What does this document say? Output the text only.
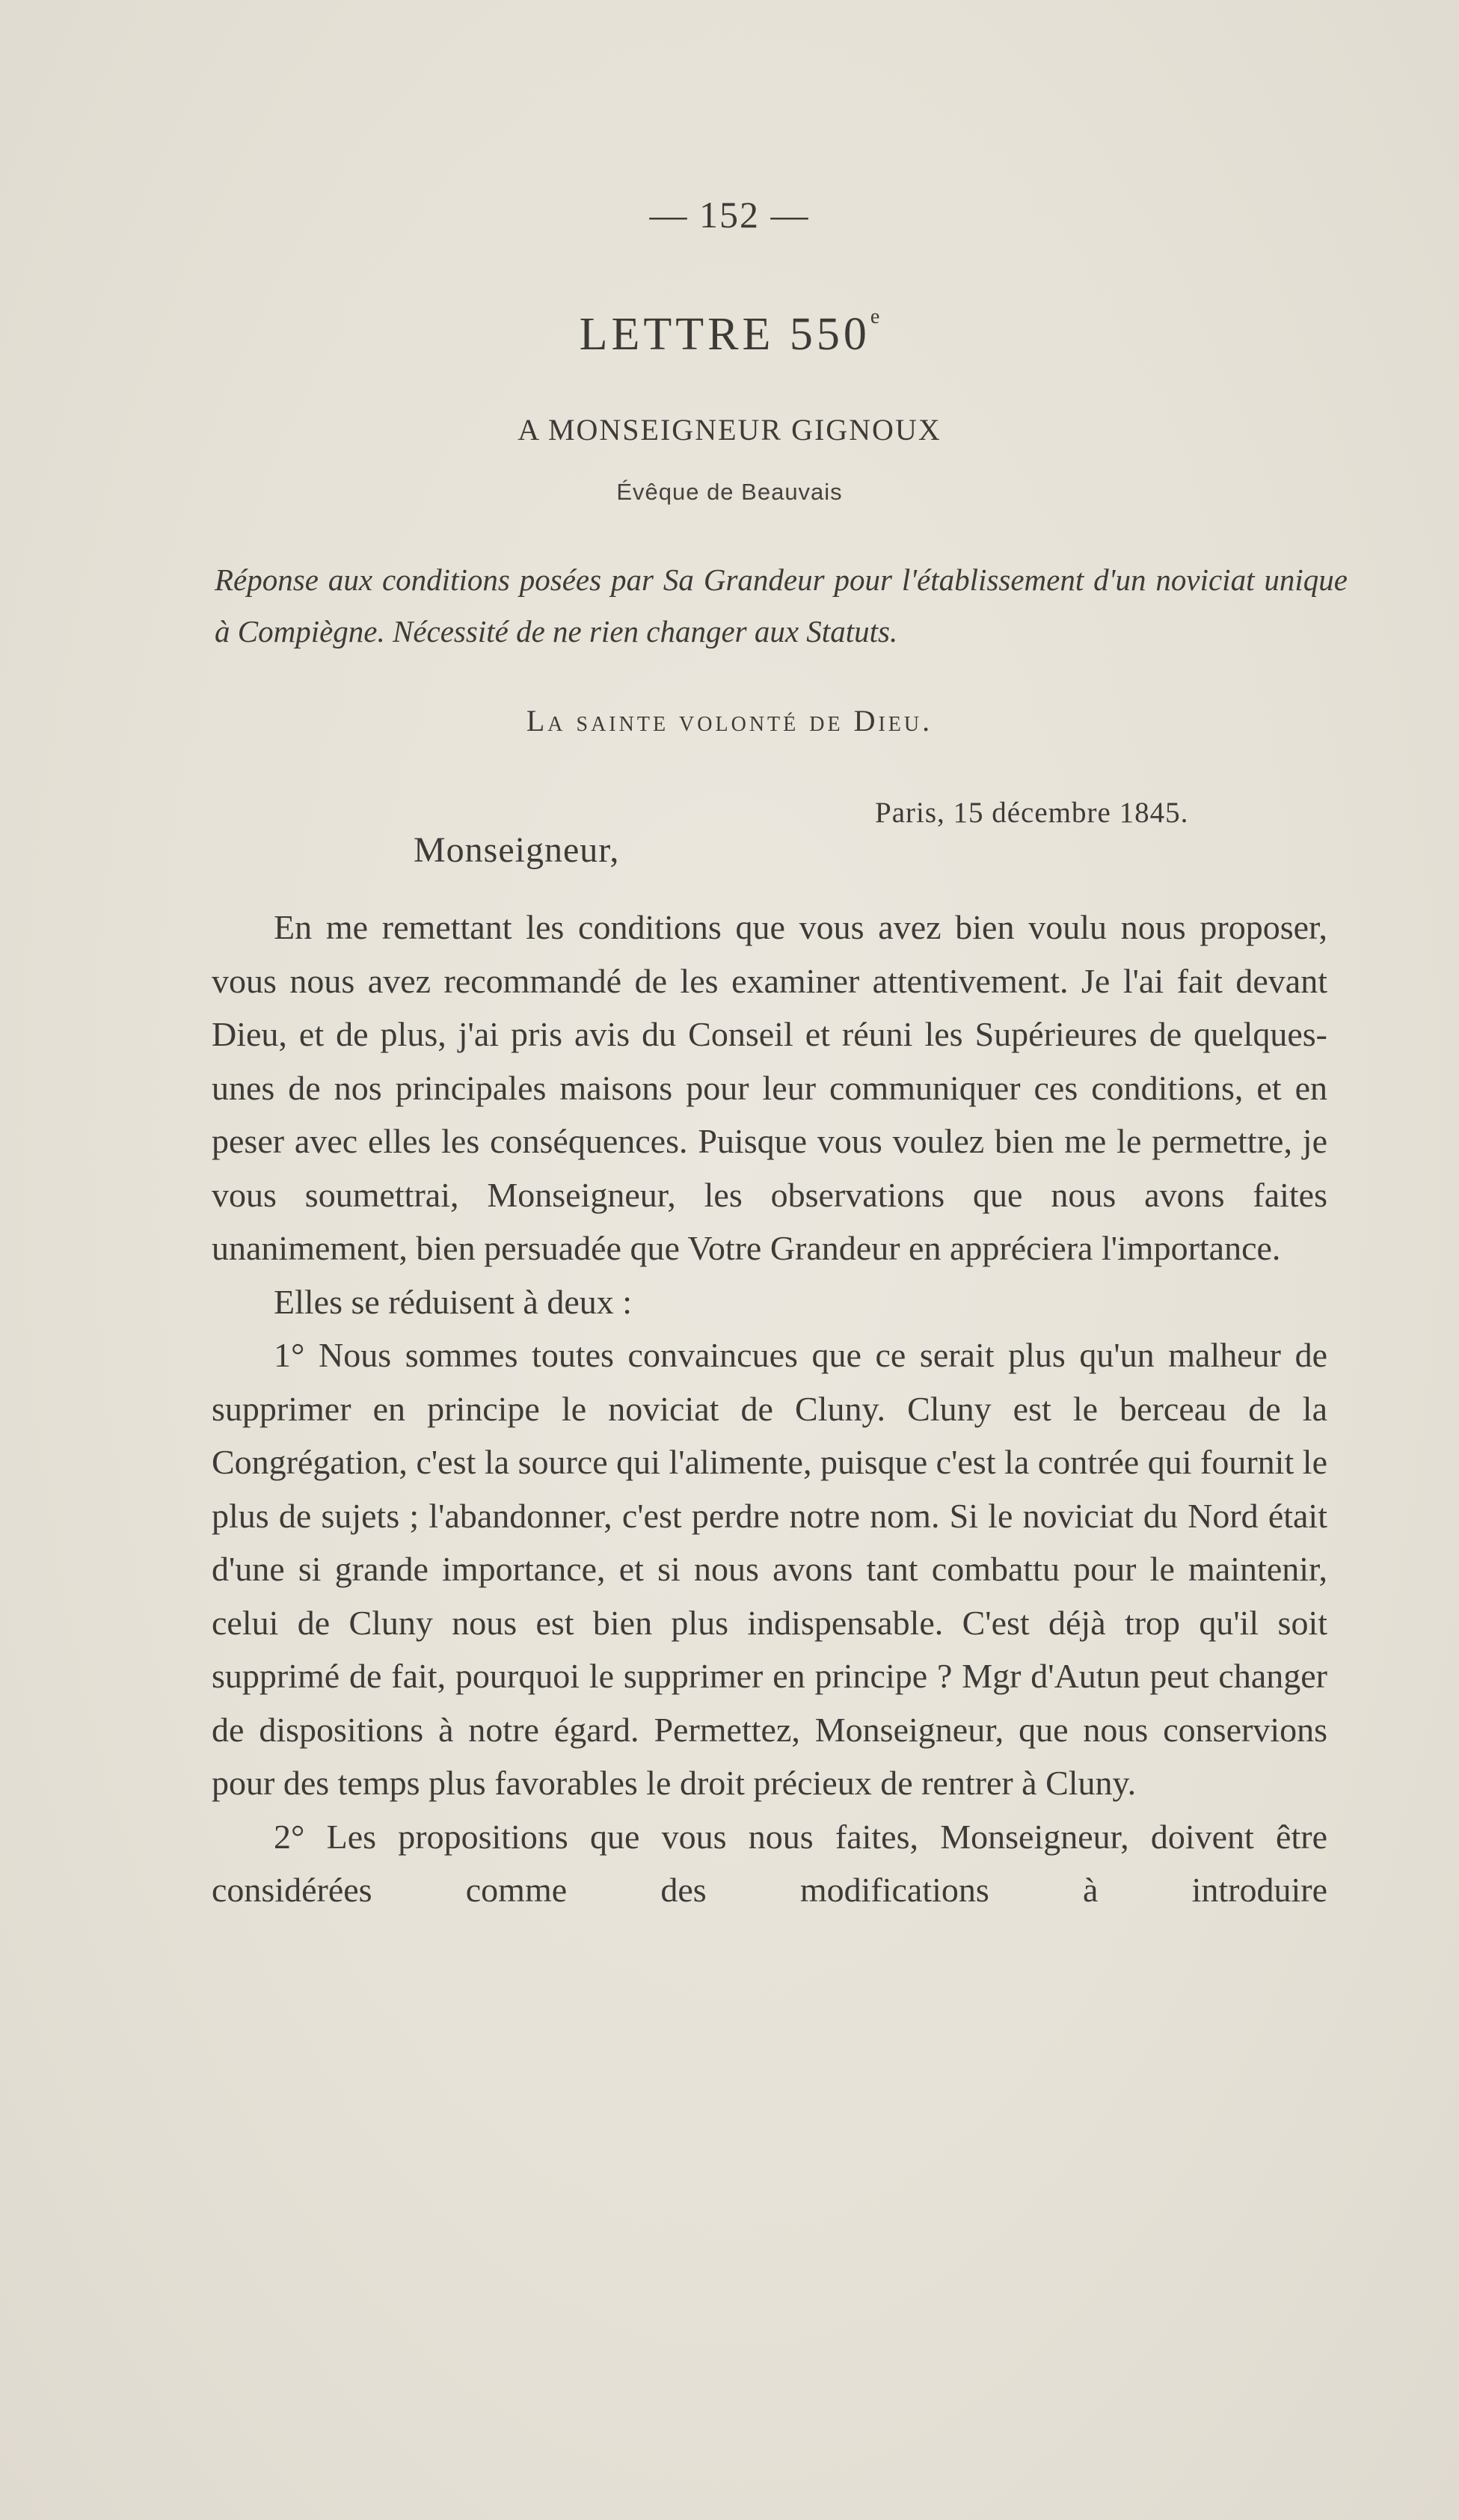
— 152 —
LETTRE 550e
A MONSEIGNEUR GIGNOUX
Évêque de Beauvais
Réponse aux conditions posées par Sa Grandeur pour l'établissement d'un noviciat unique à Compiègne. Nécessité de ne rien changer aux Statuts.
La sainte volonté de Dieu.
Paris, 15 décembre 1845.
Monseigneur,

En me remettant les conditions que vous avez bien voulu nous proposer, vous nous avez recommandé de les examiner attentivement. Je l'ai fait devant Dieu, et de plus, j'ai pris avis du Conseil et réuni les Supérieures de quelques-unes de nos principales maisons pour leur communiquer ces conditions, et en peser avec elles les conséquences. Puisque vous voulez bien me le permettre, je vous soumettrai, Monseigneur, les observations que nous avons faites unanimement, bien persuadée que Votre Grandeur en appréciera l'importance.

Elles se réduisent à deux :

1° Nous sommes toutes convaincues que ce serait plus qu'un malheur de supprimer en principe le noviciat de Cluny. Cluny est le berceau de la Congrégation, c'est la source qui l'alimente, puisque c'est la contrée qui fournit le plus de sujets ; l'abandonner, c'est perdre notre nom. Si le noviciat du Nord était d'une si grande importance, et si nous avons tant combattu pour le maintenir, celui de Cluny nous est bien plus indispensable. C'est déjà trop qu'il soit supprimé de fait, pourquoi le supprimer en principe ? Mgr d'Autun peut changer de dispositions à notre égard. Permettez, Monseigneur, que nous conservions pour des temps plus favorables le droit précieux de rentrer à Cluny.

2° Les propositions que vous nous faites, Monseigneur, doivent être considérées comme des modifications à introduire
